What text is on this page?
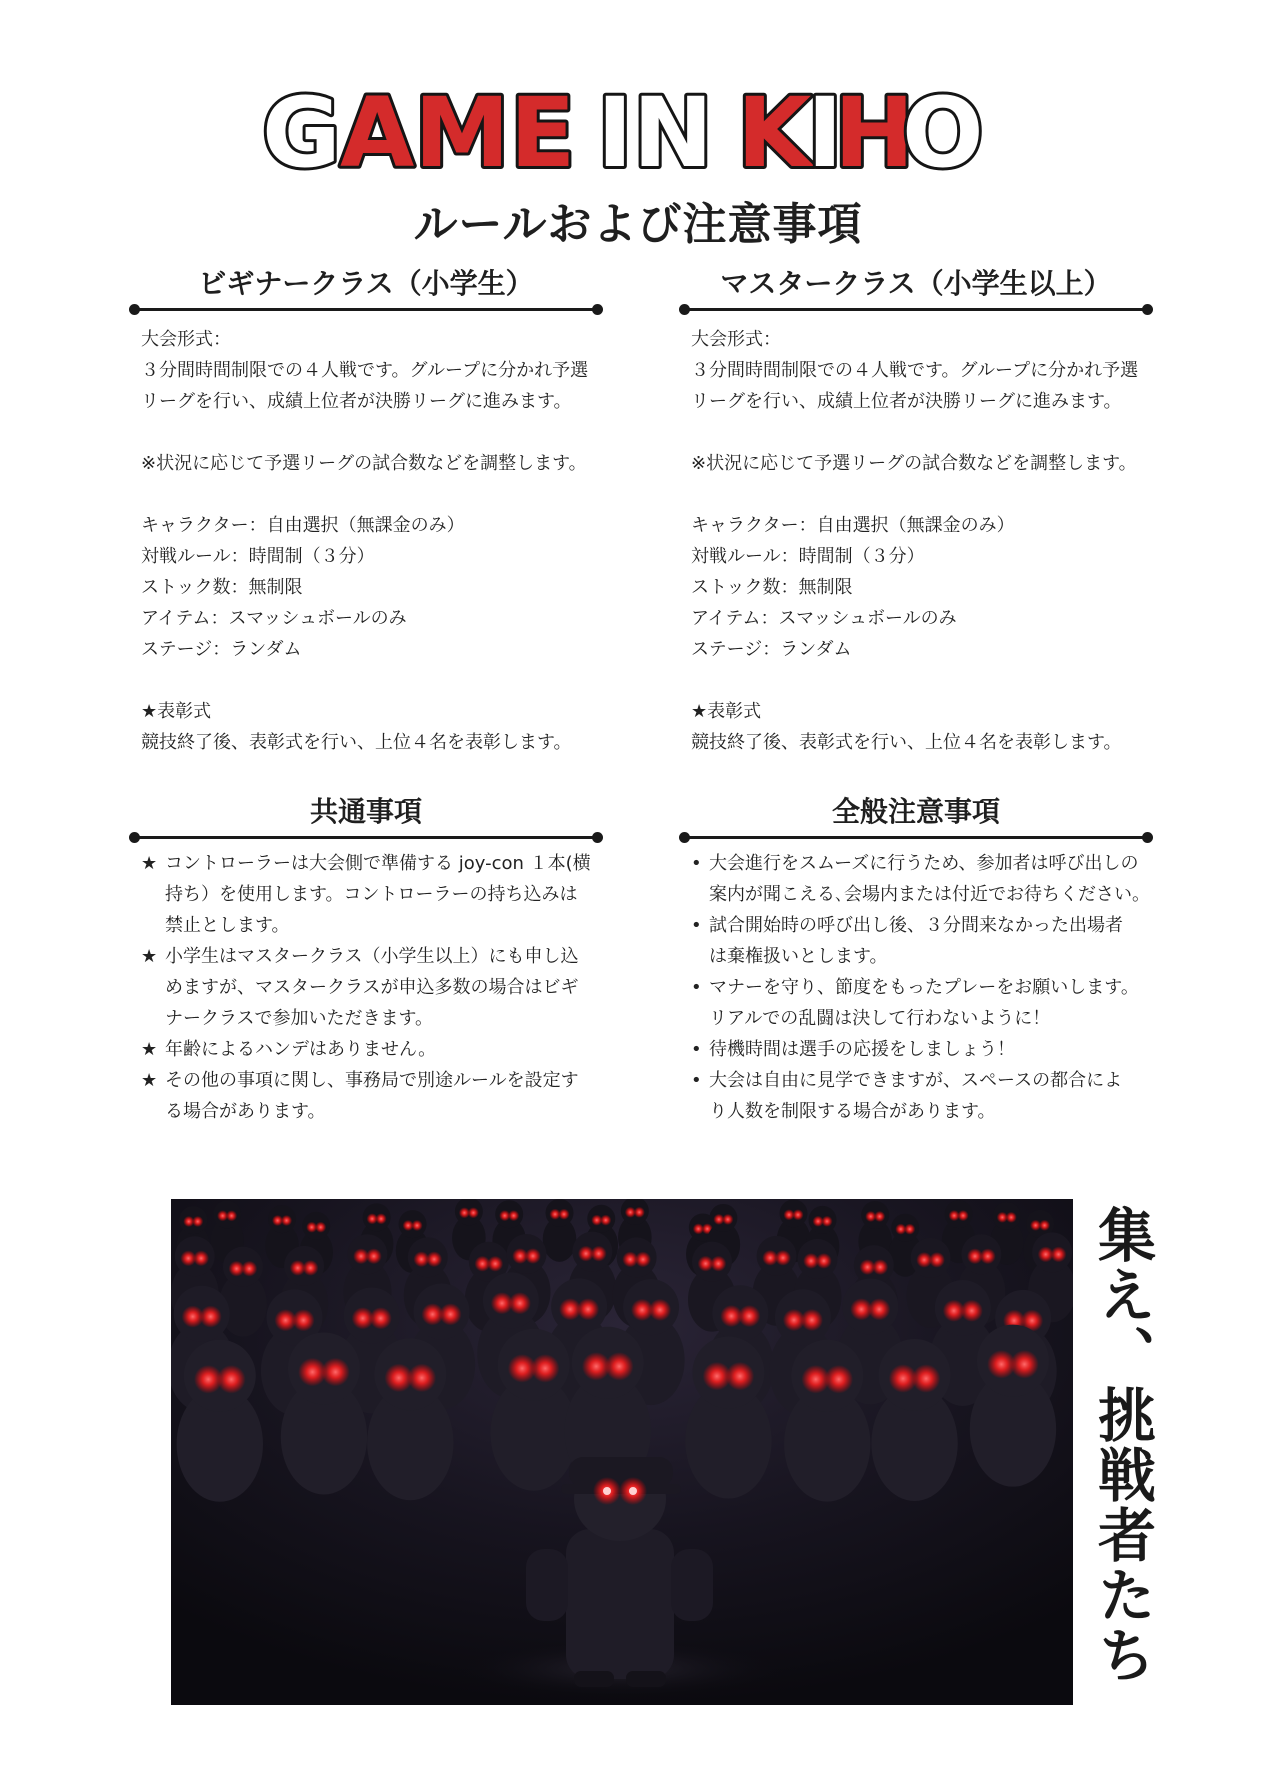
G AME IN K
I
H
O
ルールおよび注意事項
ビギナークラス（小学生）
大会形式：
３分間時間制限での４人戦です。グループに分かれ予選
リーグを行い、成績上位者が決勝リーグに進みます。
※状況に応じて予選リーグの試合数などを調整します。
キャラクター：自由選択（無課金のみ）
対戦ルール：時間制（３分）
ストック数：無制限
アイテム：スマッシュボールのみ
ステージ：ランダム
★表彰式
競技終了後、表彰式を行い、上位４名を表彰します。
マスタークラス（小学生以上）
大会形式：
３分間時間制限での４人戦です。グループに分かれ予選
リーグを行い、成績上位者が決勝リーグに進みます。
※状況に応じて予選リーグの試合数などを調整します。
キャラクター：自由選択（無課金のみ）
対戦ルール：時間制（３分）
ストック数：無制限
アイテム：スマッシュボールのみ
ステージ：ランダム
★表彰式
競技終了後、表彰式を行い、上位４名を表彰します。
共通事項
★ コントローラーは大会側で準備する joy-con １本(横
持ち）を使用します。コントローラーの持ち込みは
禁止とします。
★ 小学生はマスタークラス（小学生以上）にも申し込
めますが、マスタークラスが申込多数の場合はビギ
ナークラスで参加いただきます。
★ 年齢によるハンデはありません。
★ その他の事項に関し、事務局で別途ルールを設定す
る場合があります。
全般注意事項
• 大会進行をスムーズに行うため、参加者は呼び出しの
案内が聞こえる､会場内または付近でお待ちください。
• 試合開始時の呼び出し後、３分間来なかった出場者
は棄権扱いとします。
• マナーを守り、節度をもったプレーをお願いします。
リアルでの乱闘は決して行わないように！
• 待機時間は選手の応援をしましょう！
• 大会は自由に見学できますが、スペースの都合によ
り人数を制限する場合があります。
集え、挑戦者たち
